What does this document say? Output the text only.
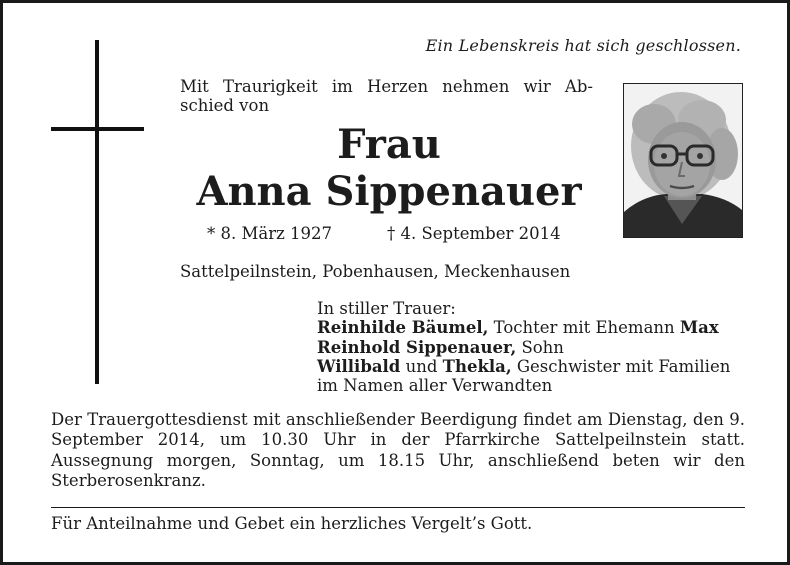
Ein Lebenskreis hat sich geschlossen.
Mit Traurigkeit im Herzen nehmen wir Ab-
schied von
Frau
Anna Sippenauer
* 8. März 1927	† 4. September 2014
Sattelpeilnstein, Pobenhausen, Meckenhausen
In stiller Trauer:
Reinhilde Bäumel, Tochter mit Ehemann Max
Reinhold Sippenauer, Sohn
Willibald und Thekla, Geschwister mit Familien
im Namen aller Verwandten
Der Trauergottesdienst mit anschließender Beerdigung findet am Dienstag, den 9. September 2014, um 10.30 Uhr in der Pfarrkirche Sattelpeilnstein statt. Aussegnung morgen, Sonntag, um 18.15 Uhr, anschließend beten wir den Sterberosenkranz.
Für Anteilnahme und Gebet ein herzliches Vergelt’s Gott.
